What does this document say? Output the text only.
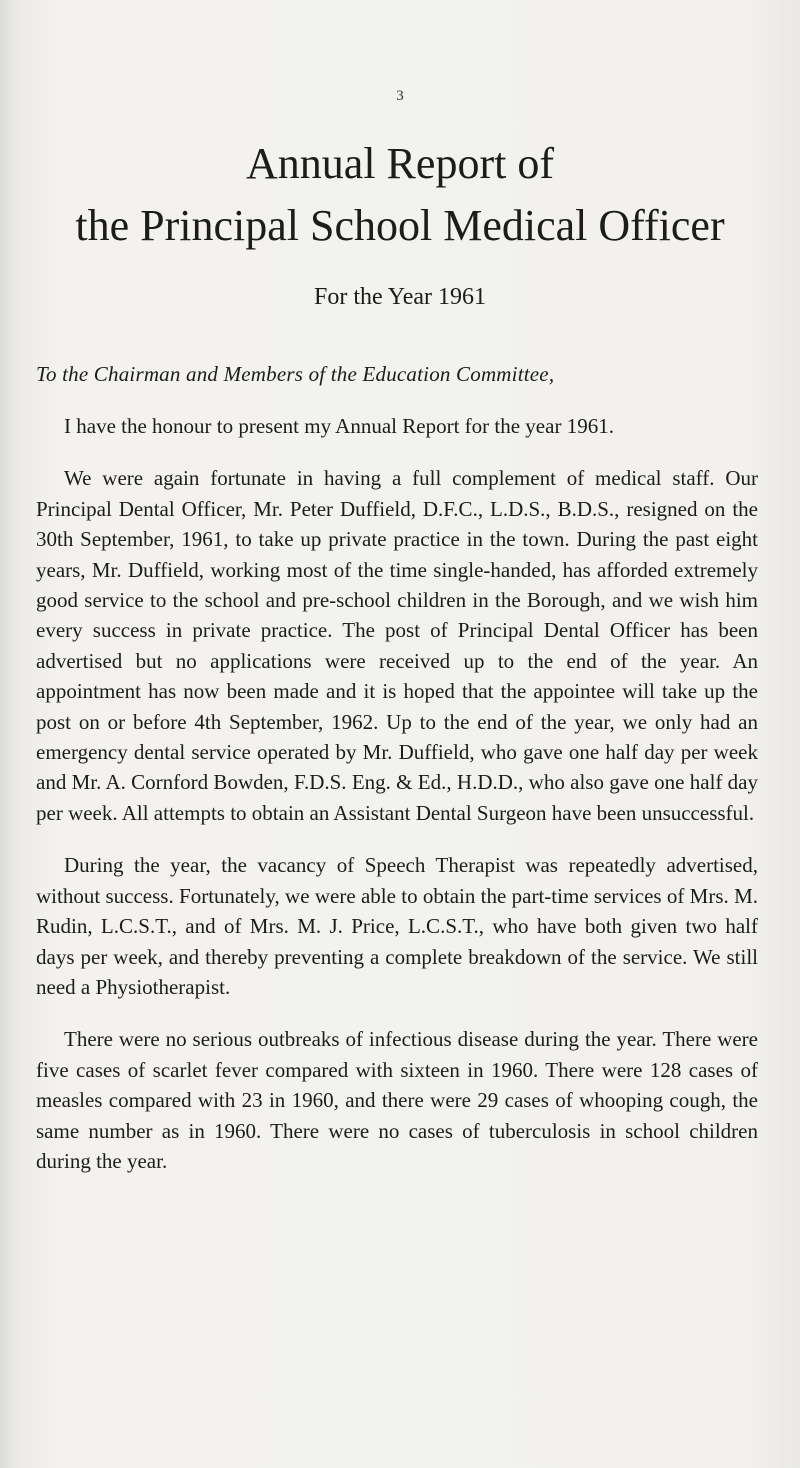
3
Annual Report of
the Principal School Medical Officer
For the Year 1961
To the Chairman and Members of the Education Committee,

I have the honour to present my Annual Report for the year 1961.

We were again fortunate in having a full complement of medical staff. Our Principal Dental Officer, Mr. Peter Duffield, D.F.C., L.D.S., B.D.S., resigned on the 30th September, 1961, to take up private practice in the town. During the past eight years, Mr. Duffield, working most of the time single-handed, has afforded extremely good service to the school and pre-school children in the Borough, and we wish him every success in private practice. The post of Principal Dental Officer has been advertised but no applications were received up to the end of the year. An appointment has now been made and it is hoped that the appointee will take up the post on or before 4th September, 1962. Up to the end of the year, we only had an emergency dental service operated by Mr. Duffield, who gave one half day per week and Mr. A. Cornford Bowden, F.D.S. Eng. & Ed., H.D.D., who also gave one half day per week. All attempts to obtain an Assistant Dental Surgeon have been unsuccessful.

During the year, the vacancy of Speech Therapist was repeatedly advertised, without success. Fortunately, we were able to obtain the part-time services of Mrs. M. Rudin, L.C.S.T., and of Mrs. M. J. Price, L.C.S.T., who have both given two half days per week, and thereby preventing a complete breakdown of the service. We still need a Physiotherapist.

There were no serious outbreaks of infectious disease during the year. There were five cases of scarlet fever compared with sixteen in 1960. There were 128 cases of measles compared with 23 in 1960, and there were 29 cases of whooping cough, the same number as in 1960. There were no cases of tuberculosis in school children during the year.
